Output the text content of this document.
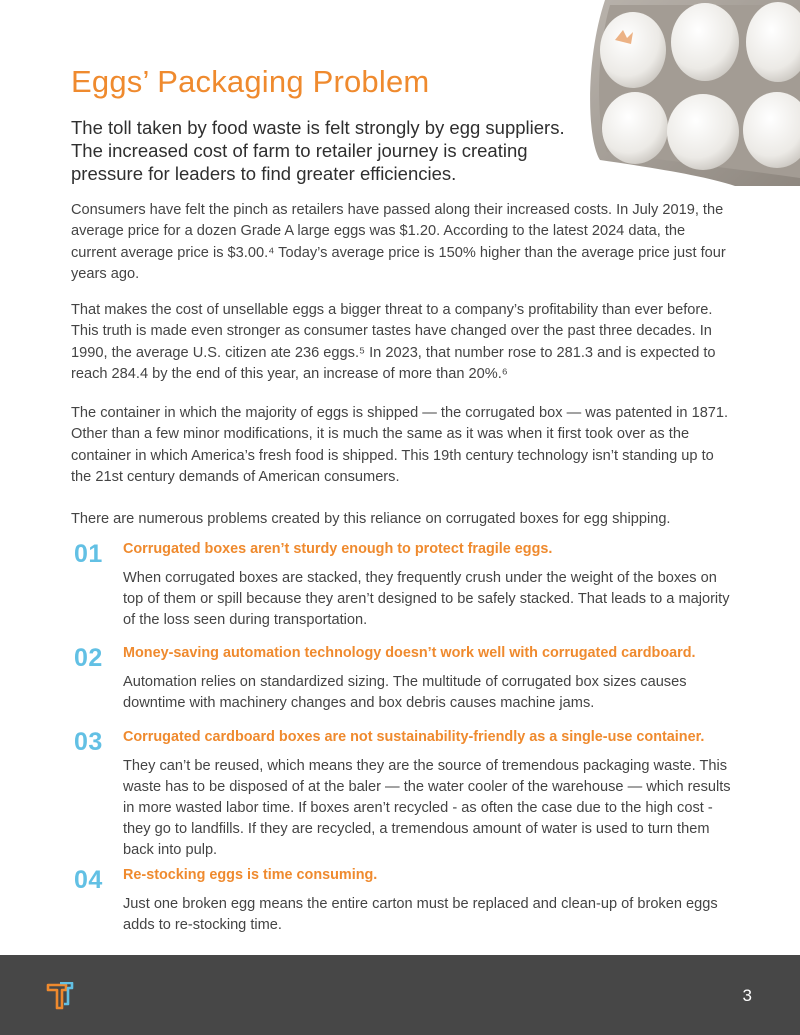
Eggs’ Packaging Problem

The toll taken by food waste is felt strongly by egg suppliers. The increased cost of farm to retailer journey is creating pressure for leaders to find greater efficiencies.

Consumers have felt the pinch as retailers have passed along their increased costs. In July 2019, the average price for a dozen Grade A large eggs was $1.20. According to the latest 2024 data, the current average price is $3.00.⁴ Today’s average price is 150% higher than the average price just four years ago.

That makes the cost of unsellable eggs a bigger threat to a company’s profitability than ever before. This truth is made even stronger as consumer tastes have changed over the past three decades. In 1990, the average U.S. citizen ate 236 eggs.⁵ In 2023, that number rose to 281.3 and is expected to reach 284.4 by the end of this year, an increase of more than 20%.⁶

The container in which the majority of eggs is shipped — the corrugated box — was patented in 1871. Other than a few minor modifications, it is much the same as it was when it first took over as the container in which America’s fresh food is shipped. This 19th century technology isn’t standing up to the 21st century demands of American consumers.

There are numerous problems created by this reliance on corrugated boxes for egg shipping.

01 Corrugated boxes aren’t sturdy enough to protect fragile eggs.

When corrugated boxes are stacked, they frequently crush under the weight of the boxes on top of them or spill because they aren’t designed to be safely stacked. That leads to a majority of the loss seen during transportation.

02 Money-saving automation technology doesn’t work well with corrugated cardboard.

Automation relies on standardized sizing. The multitude of corrugated box sizes causes downtime with machinery changes and box debris causes machine jams.

03 Corrugated cardboard boxes are not sustainability-friendly as a single-use container.

They can’t be reused, which means they are the source of tremendous packaging waste. This waste has to be disposed of at the baler — the water cooler of the warehouse — which results in more wasted labor time. If boxes aren’t recycled - as often the case due to the high cost - they go to landfills. If they are recycled, a tremendous amount of water is used to turn them back into pulp.

04 Re-stocking eggs is time consuming.

Just one broken egg means the entire carton must be replaced and clean-up of broken eggs adds to re-stocking time.

3
